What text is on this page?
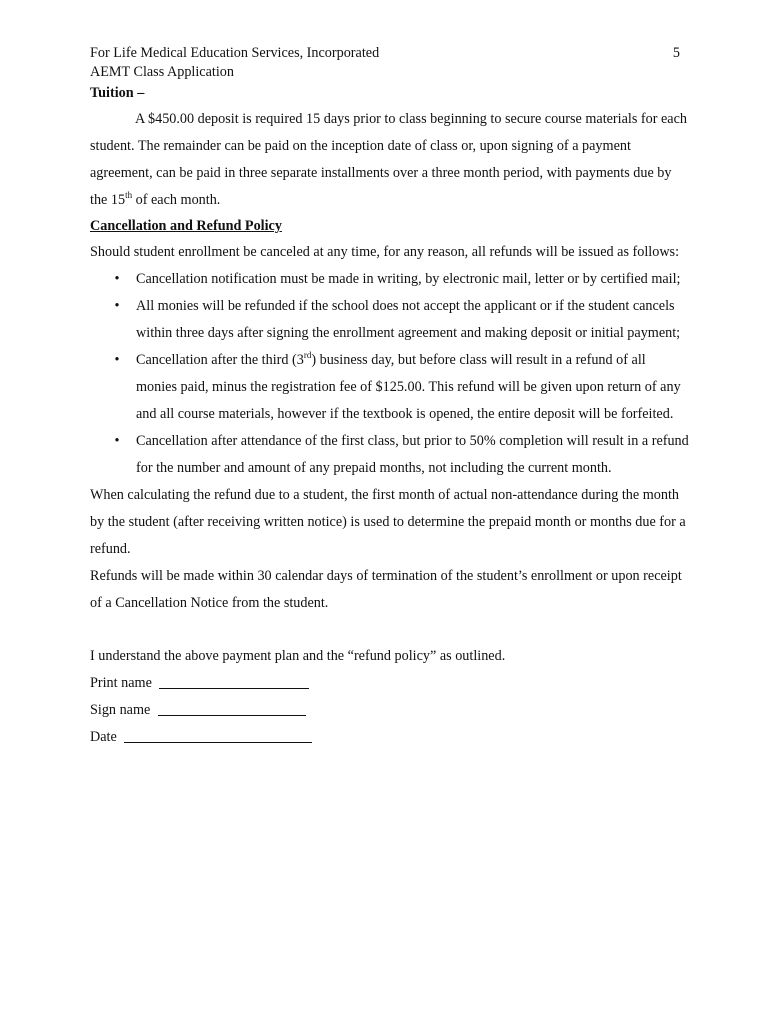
For Life Medical Education Services, Incorporated	5
AEMT Class Application
Tuition –

A $450.00 deposit is required 15 days prior to class beginning to secure course materials for each student. The remainder can be paid on the inception date of class or, upon signing of a payment agreement, can be paid in three separate installments over a three month period, with payments due by the 15th of each month.

Cancellation and Refund Policy

Should student enrollment be canceled at any time, for any reason, all refunds will be issued as follows:

• Cancellation notification must be made in writing, by electronic mail, letter or by certified mail;
• All monies will be refunded if the school does not accept the applicant or if the student cancels within three days after signing the enrollment agreement and making deposit or initial payment;
• Cancellation after the third (3rd) business day, but before class will result in a refund of all monies paid, minus the registration fee of $125.00. This refund will be given upon return of any and all course materials, however if the textbook is opened, the entire deposit will be forfeited.
• Cancellation after attendance of the first class, but prior to 50% completion will result in a refund for the number and amount of any prepaid months, not including the current month.

When calculating the refund due to a student, the first month of actual non-attendance during the month by the student (after receiving written notice) is used to determine the prepaid month or months due for a refund.

Refunds will be made within 30 calendar days of termination of the student’s enrollment or upon receipt of a Cancellation Notice from the student.

I understand the above payment plan and the “refund policy” as outlined.

Print name
Sign name
Date
